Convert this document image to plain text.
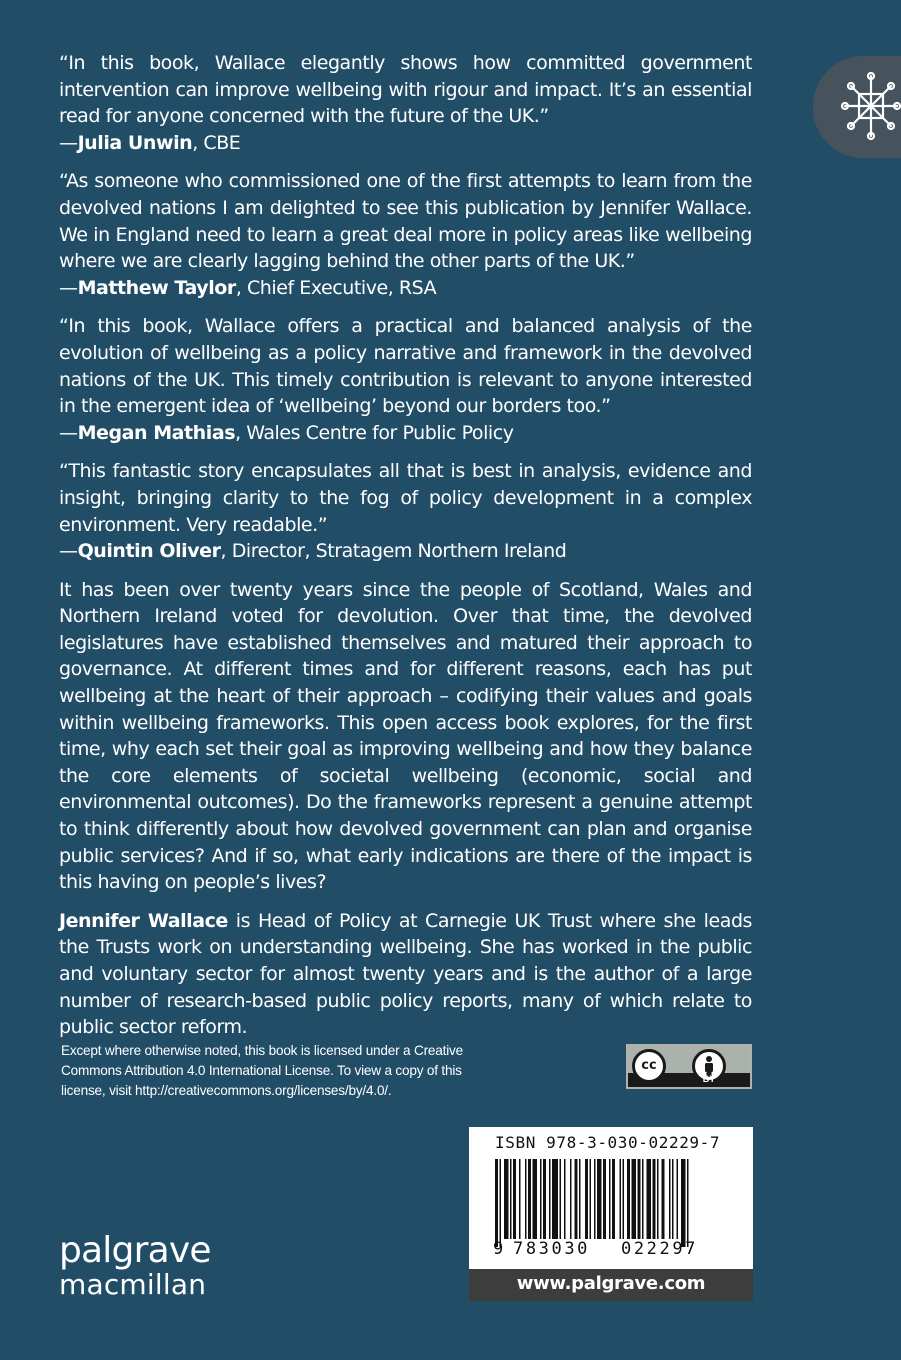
“In this book, Wallace elegantly shows how committed government intervention can improve wellbeing with rigour and impact. It’s an essential read for anyone concerned with the future of the UK.”
—Julia Unwin, CBE
“As someone who commissioned one of the first attempts to learn from the devolved nations I am delighted to see this publication by Jennifer Wallace. We in England need to learn a great deal more in policy areas like wellbeing where we are clearly lagging behind the other parts of the UK.”
—Matthew Taylor, Chief Executive, RSA
“In this book, Wallace offers a practical and balanced analysis of the evolution of wellbeing as a policy narrative and framework in the devolved nations of the UK. This timely contribution is relevant to anyone interested in the emergent idea of ‘wellbeing’ beyond our borders too.”
—Megan Mathias, Wales Centre for Public Policy
“This fantastic story encapsulates all that is best in analysis, evidence and insight, bringing clarity to the fog of policy development in a complex environment. Very readable.”
—Quintin Oliver, Director, Stratagem Northern Ireland

It has been over twenty years since the people of Scotland, Wales and Northern Ireland voted for devolution. Over that time, the devolved legislatures have established themselves and matured their approach to governance. At different times and for different reasons, each has put wellbeing at the heart of their approach – codifying their values and goals within wellbeing frameworks. This open access book explores, for the first time, why each set their goal as improving wellbeing and how they balance the core elements of societal wellbeing (economic, social and environmental outcomes). Do the frameworks represent a genuine attempt to think differently about how devolved government can plan and organise public services? And if so, what early indications are there of the impact is this having on people’s lives?

Jennifer Wallace is Head of Policy at Carnegie UK Trust where she leads the Trusts work on understanding wellbeing. She has worked in the public and voluntary sector for almost twenty years and is the author of a large number of research-based public policy reports, many of which relate to public sector reform.

Except where otherwise noted, this book is licensed under a Creative
Commons Attribution 4.0 International License. To view a copy of this
license, visit http://creativecommons.org/licenses/by/4.0/.
cc
BY
ISBN 978-3-030-02229-7
9 783030 022297
www.palgrave.com
palgrave
macmillan
